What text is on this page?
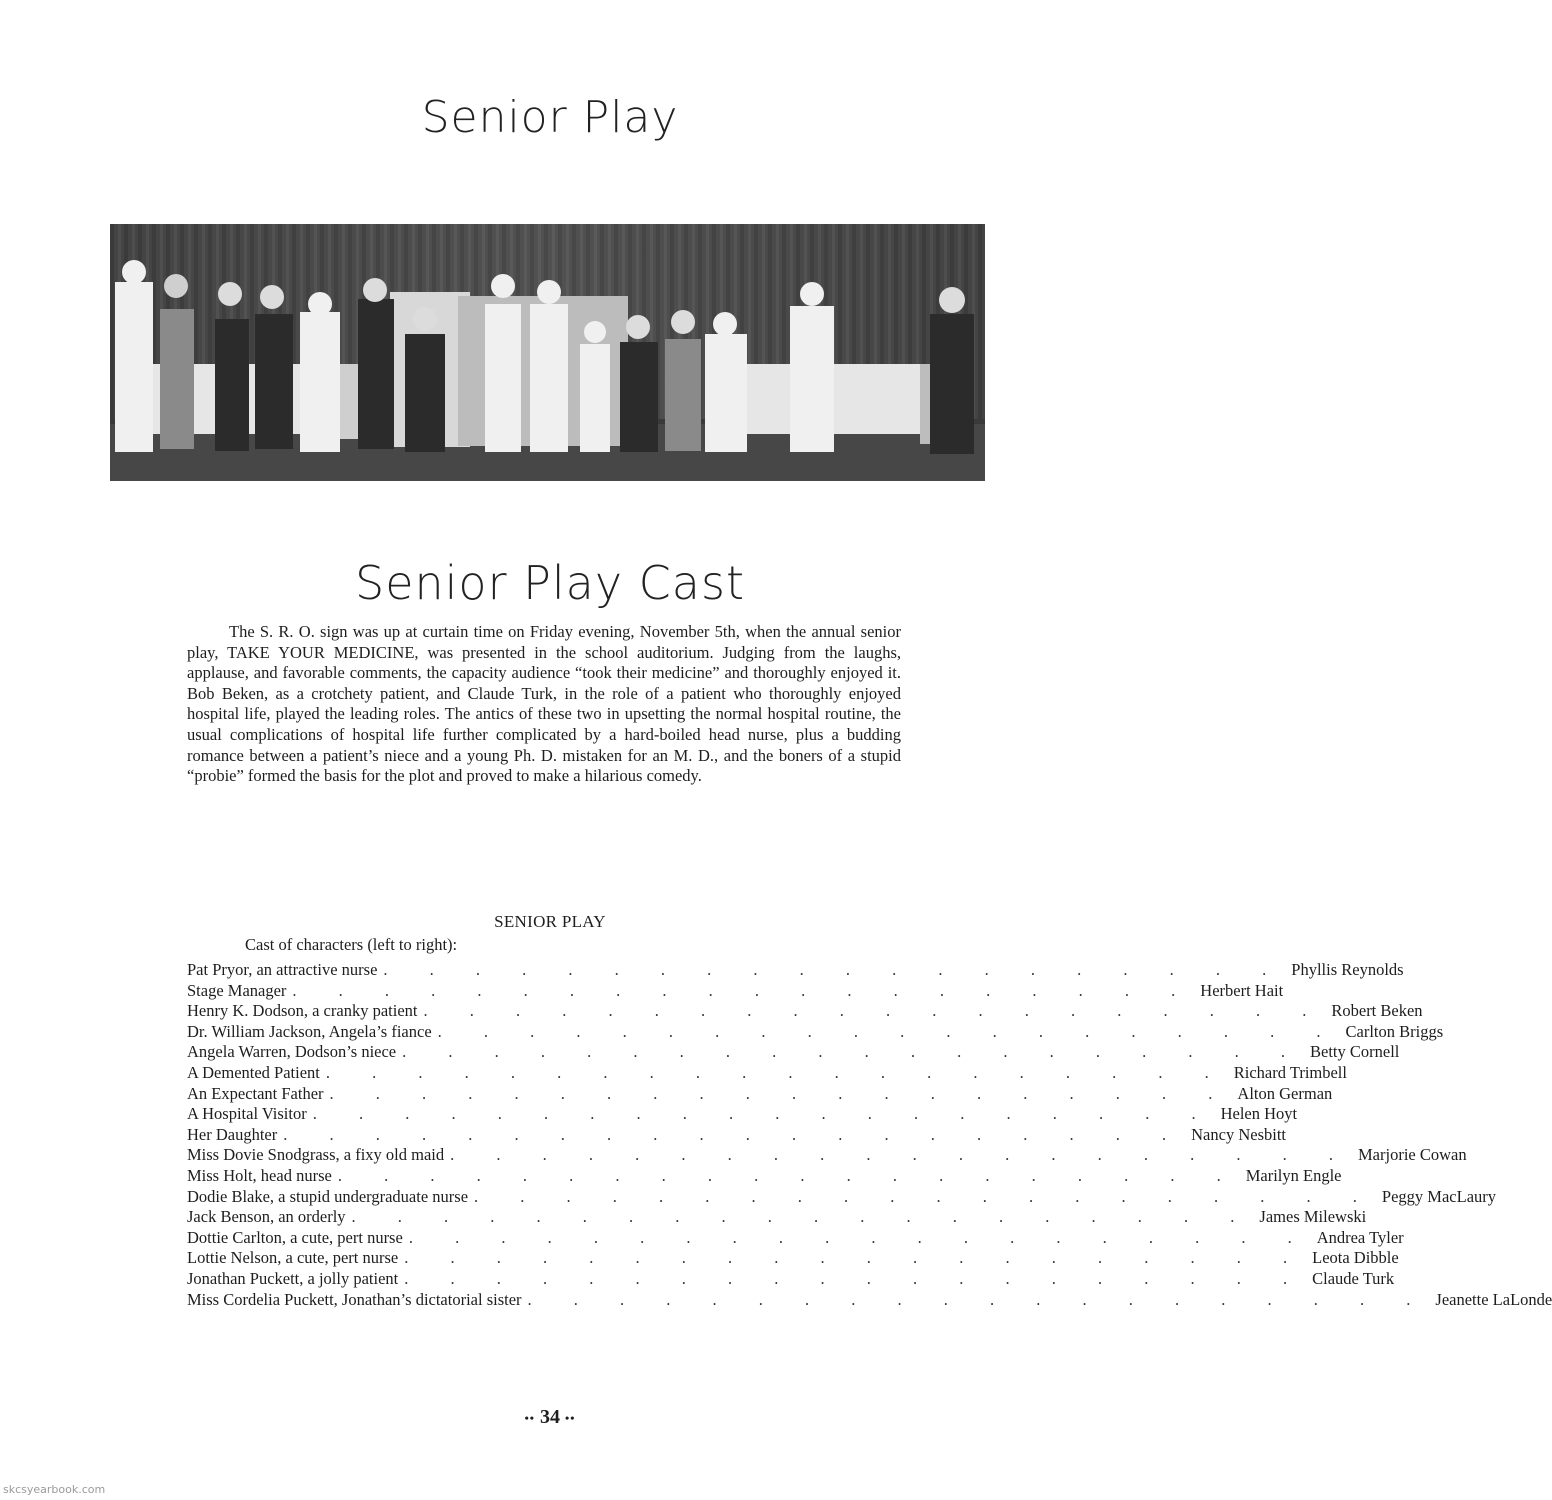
Senior Play
Senior Play Cast

The S. R. O. sign was up at curtain time on Friday evening, November 5th, when the annual senior play, TAKE YOUR MEDICINE, was presented in the school auditorium. Judging from the laughs, applause, and favorable comments, the capacity audience “took their medicine” and thoroughly enjoyed it. Bob Beken, as a crotchety patient, and Claude Turk, in the role of a patient who thoroughly enjoyed hospital life, played the leading roles. The antics of these two in upsetting the normal hospital routine, the usual complications of hospital life further complicated by a hard-boiled head nurse, plus a budding romance between a patient’s niece and a young Ph. D. mistaken for an M. D., and the boners of a stupid “probie” formed the basis for the plot and proved to make a hilarious comedy.

SENIOR PLAY
Cast of characters (left to right):
Pat Pryor, an attractive nurse . . . . . . . . . . . . . . . . . . . . Phyllis Reynolds
Stage Manager . . . . . . . . . . . . . . . . . . . . Herbert Hait
Henry K. Dodson, a cranky patient . . . . . . . . . . . . . . . . . . . . Robert Beken
Dr. William Jackson, Angela’s fiance . . . . . . . . . . . . . . . . . . . . Carlton Briggs
Angela Warren, Dodson’s niece . . . . . . . . . . . . . . . . . . . . Betty Cornell
A Demented Patient . . . . . . . . . . . . . . . . . . . . Richard Trimbell
An Expectant Father . . . . . . . . . . . . . . . . . . . . Alton German
A Hospital Visitor . . . . . . . . . . . . . . . . . . . . Helen Hoyt
Her Daughter . . . . . . . . . . . . . . . . . . . . Nancy Nesbitt
Miss Dovie Snodgrass, a fixy old maid . . . . . . . . . . . . . . . . . . . . Marjorie Cowan
Miss Holt, head nurse . . . . . . . . . . . . . . . . . . . . Marilyn Engle
Dodie Blake, a stupid undergraduate nurse . . . . . . . . . . . . . . . . . . . . Peggy MacLaury
Jack Benson, an orderly . . . . . . . . . . . . . . . . . . . . James Milewski
Dottie Carlton, a cute, pert nurse . . . . . . . . . . . . . . . . . . . . Andrea Tyler
Lottie Nelson, a cute, pert nurse . . . . . . . . . . . . . . . . . . . . Leota Dibble
Jonathan Puckett, a jolly patient . . . . . . . . . . . . . . . . . . . . Claude Turk
Miss Cordelia Puckett, Jonathan’s dictatorial sister . . . . . . . . . . . . . . . . . . . . Jeanette LaLonde
•• 34 ••
skcsyearbook.com
